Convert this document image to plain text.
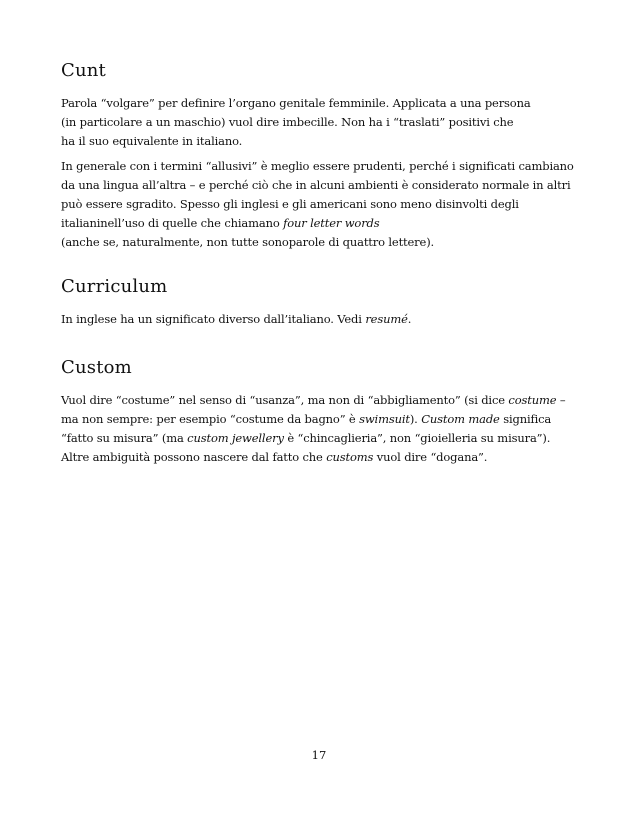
Cunt

Parola “volgare” per definire l’organo genitale femminile. Applicata a una persona
(in particolare a un maschio) vuol dire imbecille. Non ha i “traslati” positivi che
ha il suo equivalente in italiano.

In generale con i termini “allusivi” è meglio essere prudenti, perché i significati cambiano
da una lingua all’altra – e perché ciò che in alcuni ambienti è considerato normale in altri
può essere sgradito. Spesso gli inglesi e gli americani sono meno disinvolti degli italianinell’uso di quelle che chiamano four letter words
(anche se, naturalmente, non tutte sonoparole di quattro lettere).

Curriculum

In inglese ha un significato diverso dall’italiano. Vedi resumé.

Custom

Vuol dire “costume” nel senso di “usanza”, ma non di “abbigliamento” (si dice costume –
ma non sempre: per esempio “costume da bagno” è swimsuit). Custom made significa
“fatto su misura” (ma custom jewellery è “chincaglieria”, non “gioielleria su misura”).
Altre ambiguità possono nascere dal fatto che customs vuol dire “dogana”.

17
